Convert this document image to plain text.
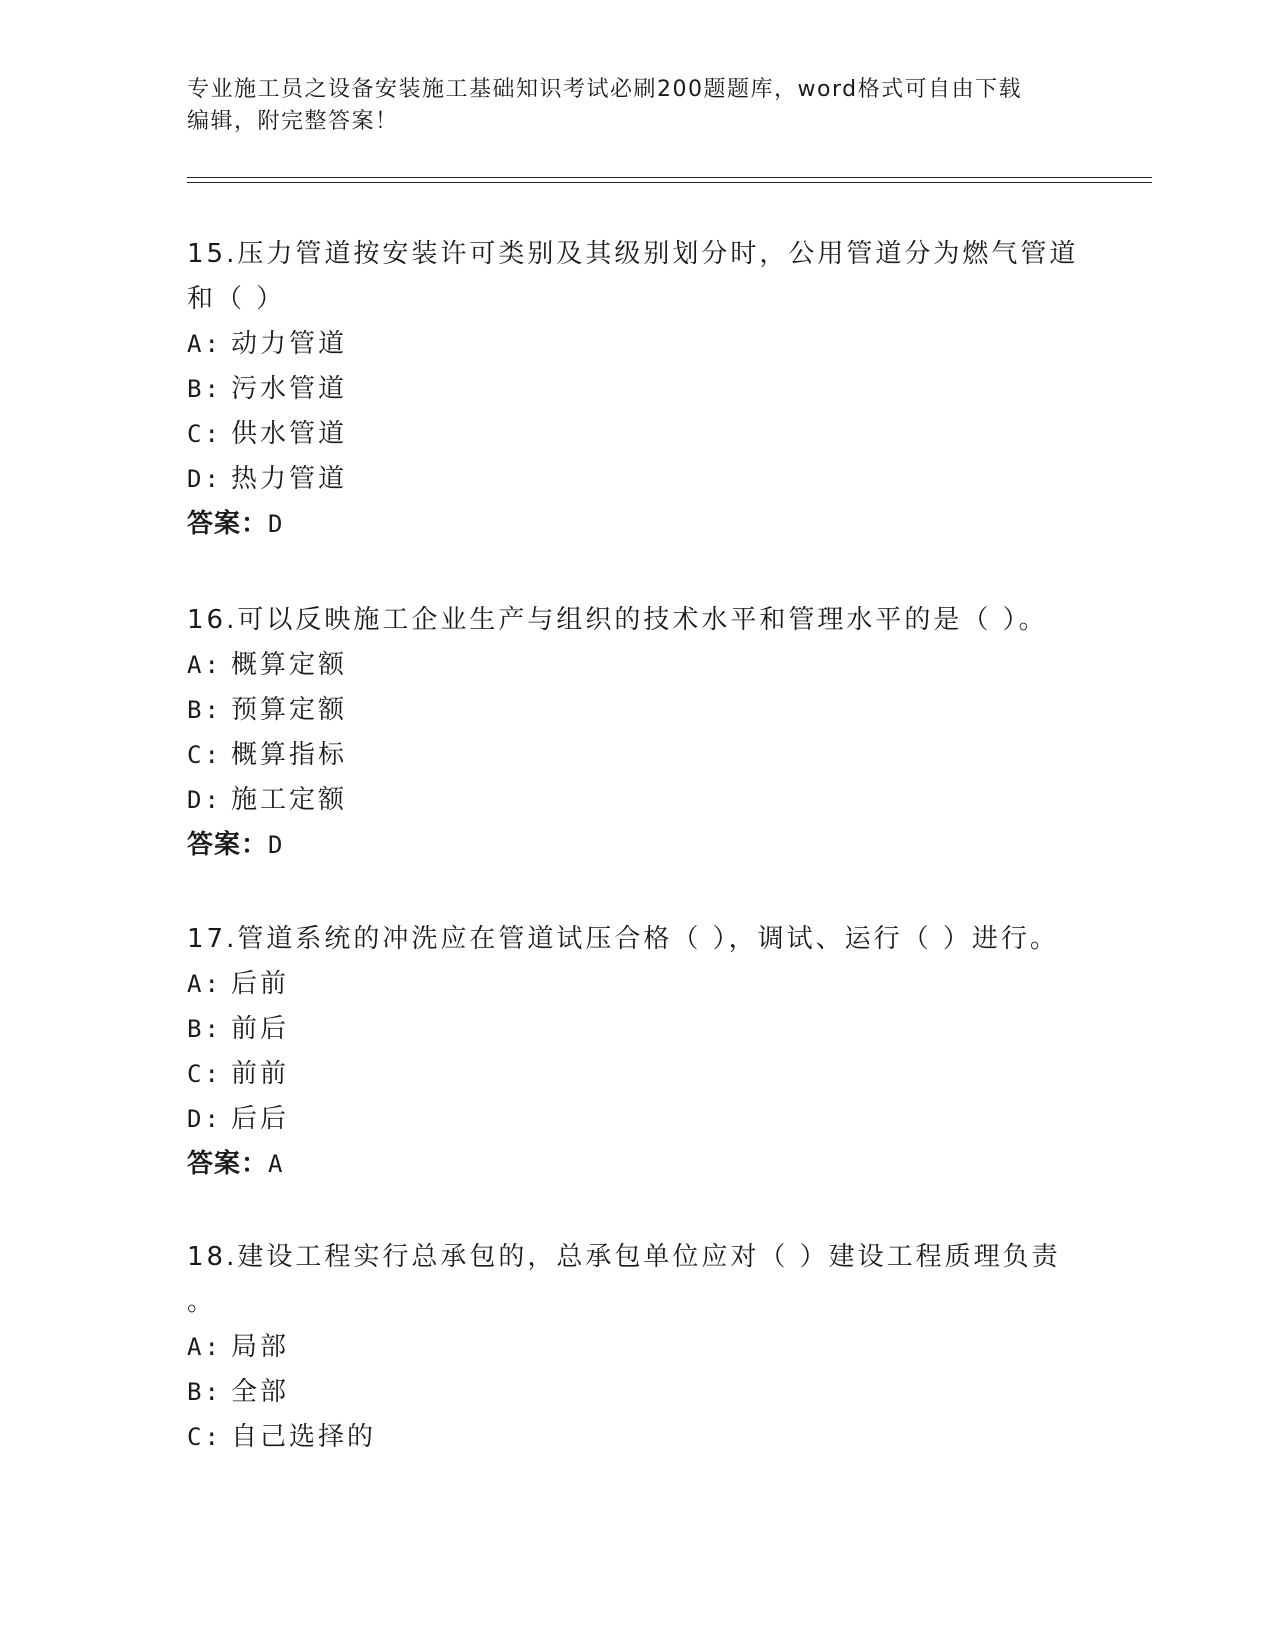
专业施工员之设备安装施工基础知识考试必刷200题题库，word格式可自由下载
编辑，附完整答案！

15.压力管道按安装许可类别及其级别划分时，公用管道分为燃气管道

和（ ）

A: 动力管道

B: 污水管道

C: 供水管道

D: 热力管道

答案：D

16.可以反映施工企业生产与组织的技术水平和管理水平的是（ ）。

A: 概算定额

B: 预算定额

C: 概算指标

D: 施工定额

答案：D

17.管道系统的冲洗应在管道试压合格（ ），调试、运行（ ）进行。

A: 后前

B: 前后

C: 前前

D: 后后

答案：A

18.建设工程实行总承包的，总承包单位应对（ ）建设工程质理负责

。

A: 局部

B: 全部

C: 自己选择的
